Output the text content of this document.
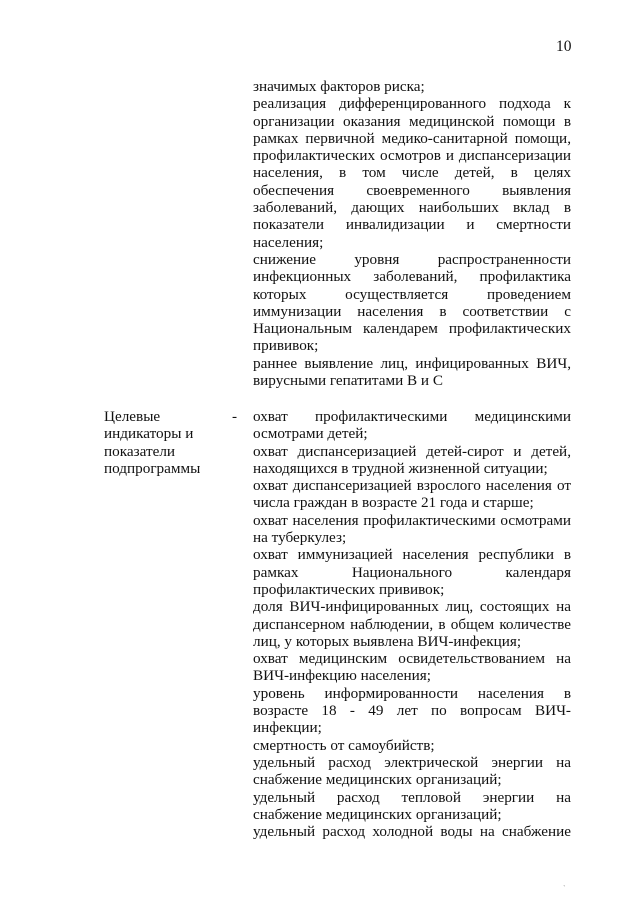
10

значимых факторов риска;

реализация дифференцированного подхода к организации оказания медицинской помощи в рамках первичной медико-санитарной помощи, профилактических осмотров и диспансеризации населения, в том числе детей, в целях обеспечения своевременного выявления заболеваний, дающих наибольших вклад в показатели инвалидизации и смертности населения;

снижение уровня распространенности инфекционных заболеваний, профилактика которых осуществляется проведением иммунизации населения в соответствии с Национальным календарем профилактических прививок;

раннее выявление лиц, инфицированных ВИЧ, вирусными гепатитами В и С

Целевые
индикаторы и
показатели
подпрограммы
- охват профилактическими медицинскими осмотрами детей;

охват диспансеризацией детей-сирот и детей, находящихся в трудной жизненной ситуации;

охват диспансеризацией взрослого населения от числа граждан в возрасте 21 года и старше;

охват населения профилактическими осмотрами на туберкулез;

охват иммунизацией населения республики в рамках Национального календаря профилактических прививок;

доля ВИЧ-инфицированных лиц, состоящих на диспансерном наблюдении, в общем количестве лиц, у которых выявлена ВИЧ-инфекция;

охват медицинским освидетельствованием на ВИЧ-инфекцию населения;

уровень информированности населения в возрасте 18 - 49 лет по вопросам ВИЧ-инфекции;

смертность от самоубийств;

удельный расход электрической энергии на снабжение медицинских организаций;

удельный расход тепловой энергии на снабжение медицинских организаций;

удельный расход холодной воды на снабжение

`
